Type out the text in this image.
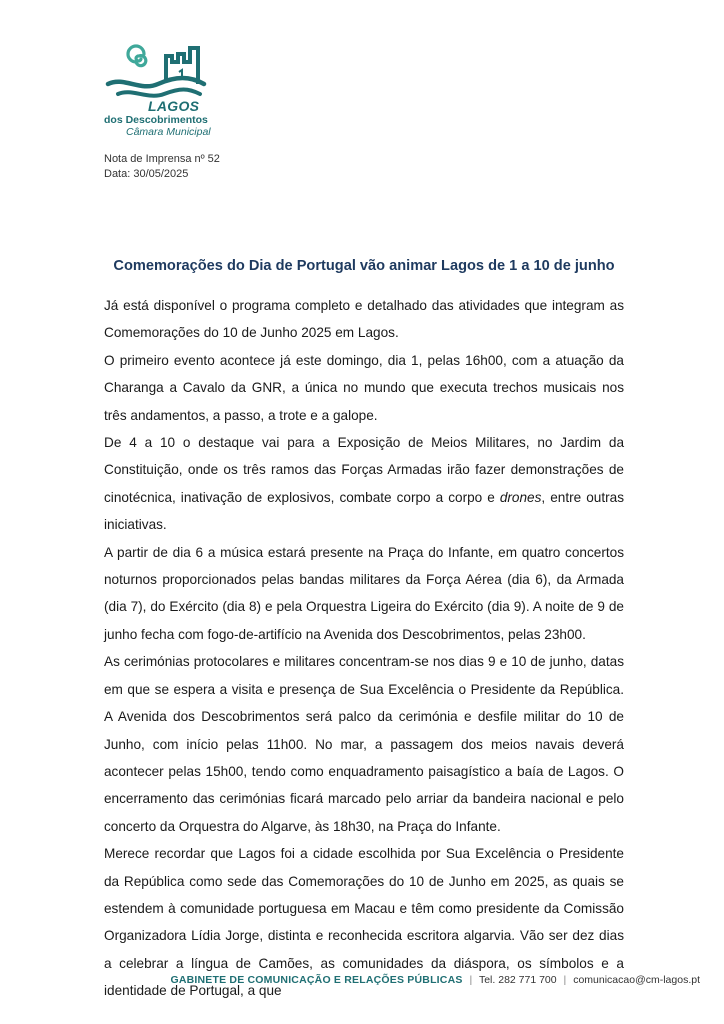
LAGOS
dos Descobrimentos
Câmara Municipal
Nota de Imprensa nº 52
Data: 30/05/2025
Comemorações do Dia de Portugal vão animar Lagos de 1 a 10 de junho

Já está disponível o programa completo e detalhado das atividades que integram as Comemorações do 10 de Junho 2025 em Lagos.

O primeiro evento acontece já este domingo, dia 1, pelas 16h00, com a atuação da Charanga a Cavalo da GNR, a única no mundo que executa trechos musicais nos três andamentos, a passo, a trote e a galope.

De 4 a 10 o destaque vai para a Exposição de Meios Militares, no Jardim da Constituição, onde os três ramos das Forças Armadas irão fazer demonstrações de cinotécnica, inativação de explosivos, combate corpo a corpo e drones, entre outras iniciativas.

A partir de dia 6 a música estará presente na Praça do Infante, em quatro concertos noturnos proporcionados pelas bandas militares da Força Aérea (dia 6), da Armada (dia 7), do Exército (dia 8) e pela Orquestra Ligeira do Exército (dia 9). A noite de 9 de junho fecha com fogo-de-artifício na Avenida dos Descobrimentos, pelas 23h00.

As cerimónias protocolares e militares concentram-se nos dias 9 e 10 de junho, datas em que se espera a visita e presença de Sua Excelência o Presidente da República. A Avenida dos Descobrimentos será palco da cerimónia e desfile militar do 10 de Junho, com início pelas 11h00. No mar, a passagem dos meios navais deverá acontecer pelas 15h00, tendo como enquadramento paisagístico a baía de Lagos. O encerramento das cerimónias ficará marcado pelo arriar da bandeira nacional e pelo concerto da Orquestra do Algarve, às 18h30, na Praça do Infante.

Merece recordar que Lagos foi a cidade escolhida por Sua Excelência o Presidente da República como sede das Comemorações do 10 de Junho em 2025, as quais se estendem à comunidade portuguesa em Macau e têm como presidente da Comissão Organizadora Lídia Jorge, distinta e reconhecida escritora algarvia. Vão ser dez dias a celebrar a língua de Camões, as comunidades da diáspora, os símbolos e a identidade de Portugal, a que

GABINETE DE COMUNICAÇÃO E RELAÇÕES PÚBLICAS | Tel. 282 771 700 | comunicacao@cm-lagos.pt
